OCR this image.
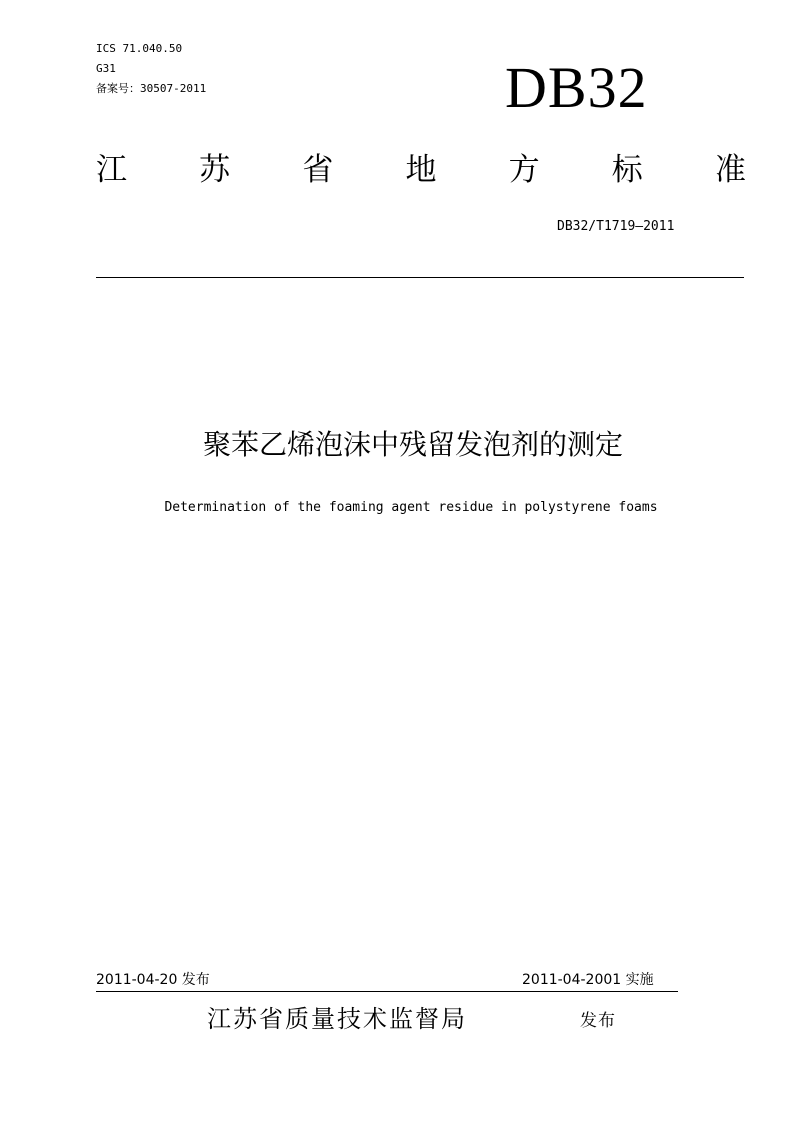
ICS 71.040.50
G31
备案号：30507-2011	DB32
江 苏 省 地 方 标 准
DB32/T1719—2011
聚苯乙烯泡沫中残留发泡剂的测定
Determination of the foaming agent residue in polystyrene foams
2011-04-20 发布	2011-04-2001 实施
江苏省质量技术监督局	发布
